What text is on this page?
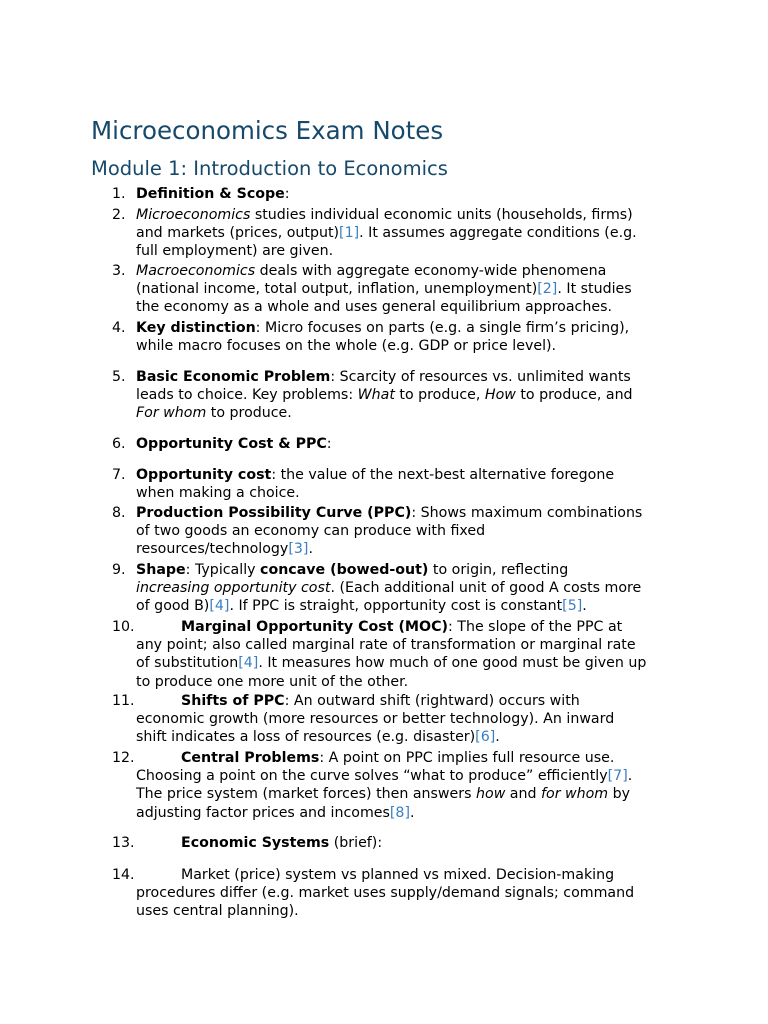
Microeconomics Exam Notes
Module 1: Introduction to Economics
1. Definition & Scope:
2. Microeconomics studies individual economic units (households, firms)
and markets (prices, output)[1]. It assumes aggregate conditions (e.g.
full employment) are given.
3. Macroeconomics deals with aggregate economy-wide phenomena
(national income, total output, inflation, unemployment)[2]. It studies
the economy as a whole and uses general equilibrium approaches.
4. Key distinction: Micro focuses on parts (e.g. a single firm’s pricing),
while macro focuses on the whole (e.g. GDP or price level).
5. Basic Economic Problem: Scarcity of resources vs. unlimited wants
leads to choice. Key problems: What to produce, How to produce, and
For whom to produce.
6. Opportunity Cost & PPC:
7. Opportunity cost: the value of the next-best alternative foregone
when making a choice.
8. Production Possibility Curve (PPC): Shows maximum combinations
of two goods an economy can produce with fixed
resources/technology[3].
9. Shape: Typically concave (bowed-out) to origin, reflecting
increasing opportunity cost. (Each additional unit of good A costs more
of good B)[4]. If PPC is straight, opportunity cost is constant[5].
10.	Marginal Opportunity Cost (MOC): The slope of the PPC at
any point; also called marginal rate of transformation or marginal rate
of substitution[4]. It measures how much of one good must be given up
to produce one more unit of the other.
11.	Shifts of PPC: An outward shift (rightward) occurs with
economic growth (more resources or better technology). An inward
shift indicates a loss of resources (e.g. disaster)[6].
12.	Central Problems: A point on PPC implies full resource use.
Choosing a point on the curve solves “what to produce” efficiently[7].
The price system (market forces) then answers how and for whom by
adjusting factor prices and incomes[8].
13.	Economic Systems (brief):
14.	Market (price) system vs planned vs mixed. Decision-making
procedures differ (e.g. market uses supply/demand signals; command
uses central planning).
